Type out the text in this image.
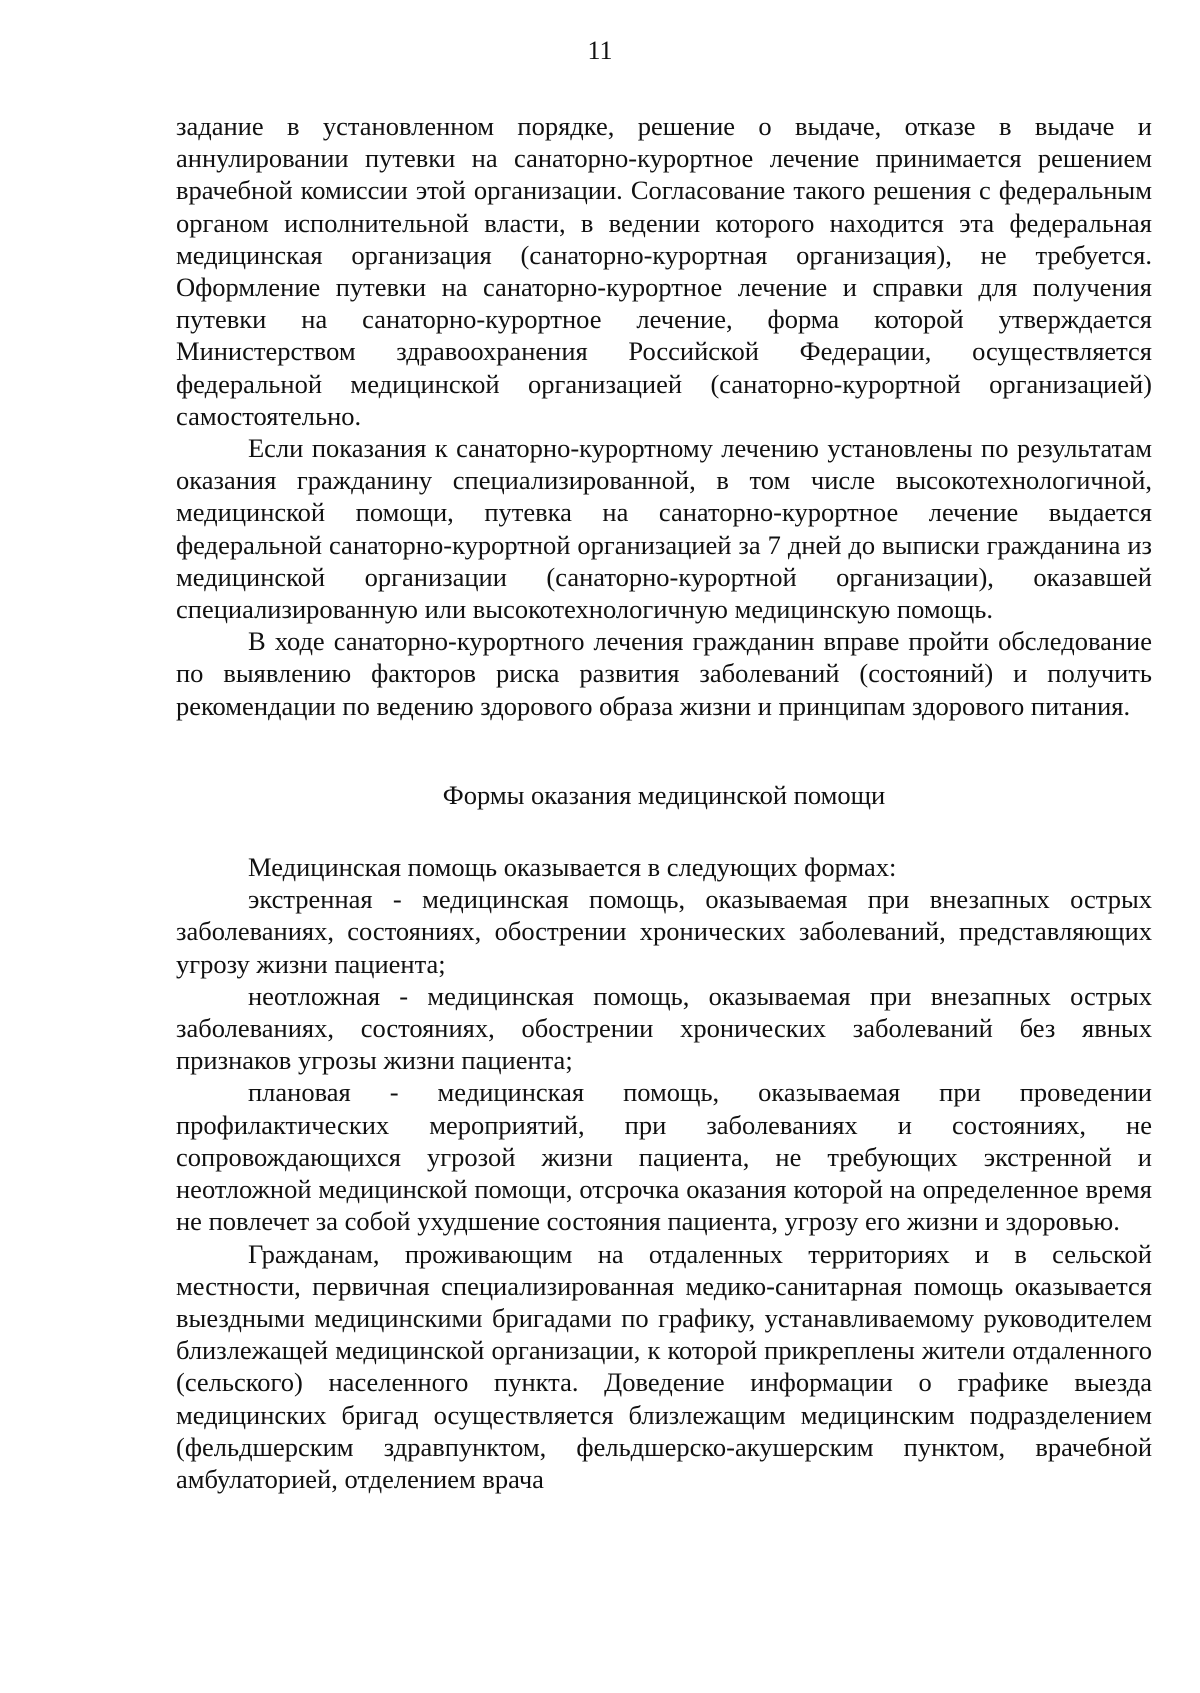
11

задание в установленном порядке, решение о выдаче, отказе в выдаче и аннулировании путевки на санаторно-курортное лечение принимается решением врачебной комиссии этой организации. Согласование такого решения с федеральным органом исполнительной власти, в ведении которого находится эта федеральная медицинская организация (санаторно-курортная организация), не требуется. Оформление путевки на санаторно-курортное лечение и справки для получения путевки на санаторно-курортное лечение, форма которой утверждается Министерством здравоохранения Российской Федерации, осуществляется федеральной медицинской организацией (санаторно-курортной организацией) самостоятельно.

Если показания к санаторно-курортному лечению установлены по результатам оказания гражданину специализированной, в том числе высокотехнологичной, медицинской помощи, путевка на санаторно-курортное лечение выдается федеральной санаторно-курортной организацией за 7 дней до выписки гражданина из медицинской организации (санаторно-курортной организации), оказавшей специализированную или высокотехнологичную медицинскую помощь.

В ходе санаторно-курортного лечения гражданин вправе пройти обследование по выявлению факторов риска развития заболеваний (состояний) и получить рекомендации по ведению здорового образа жизни и принципам здорового питания.

Формы оказания медицинской помощи

Медицинская помощь оказывается в следующих формах:

экстренная - медицинская помощь, оказываемая при внезапных острых заболеваниях, состояниях, обострении хронических заболеваний, представляющих угрозу жизни пациента;

неотложная - медицинская помощь, оказываемая при внезапных острых заболеваниях, состояниях, обострении хронических заболеваний без явных признаков угрозы жизни пациента;

плановая - медицинская помощь, оказываемая при проведении профилактических мероприятий, при заболеваниях и состояниях, не сопровождающихся угрозой жизни пациента, не требующих экстренной и неотложной медицинской помощи, отсрочка оказания которой на определенное время не повлечет за собой ухудшение состояния пациента, угрозу его жизни и здоровью.

Гражданам, проживающим на отдаленных территориях и в сельской местности, первичная специализированная медико-санитарная помощь оказывается выездными медицинскими бригадами по графику, устанавливаемому руководителем близлежащей медицинской организации, к которой прикреплены жители отдаленного (сельского) населенного пункта. Доведение информации о графике выезда медицинских бригад осуществляется близлежащим медицинским подразделением (фельдшерским здравпунктом, фельдшерско-акушерским пунктом, врачебной амбулаторией, отделением врача
